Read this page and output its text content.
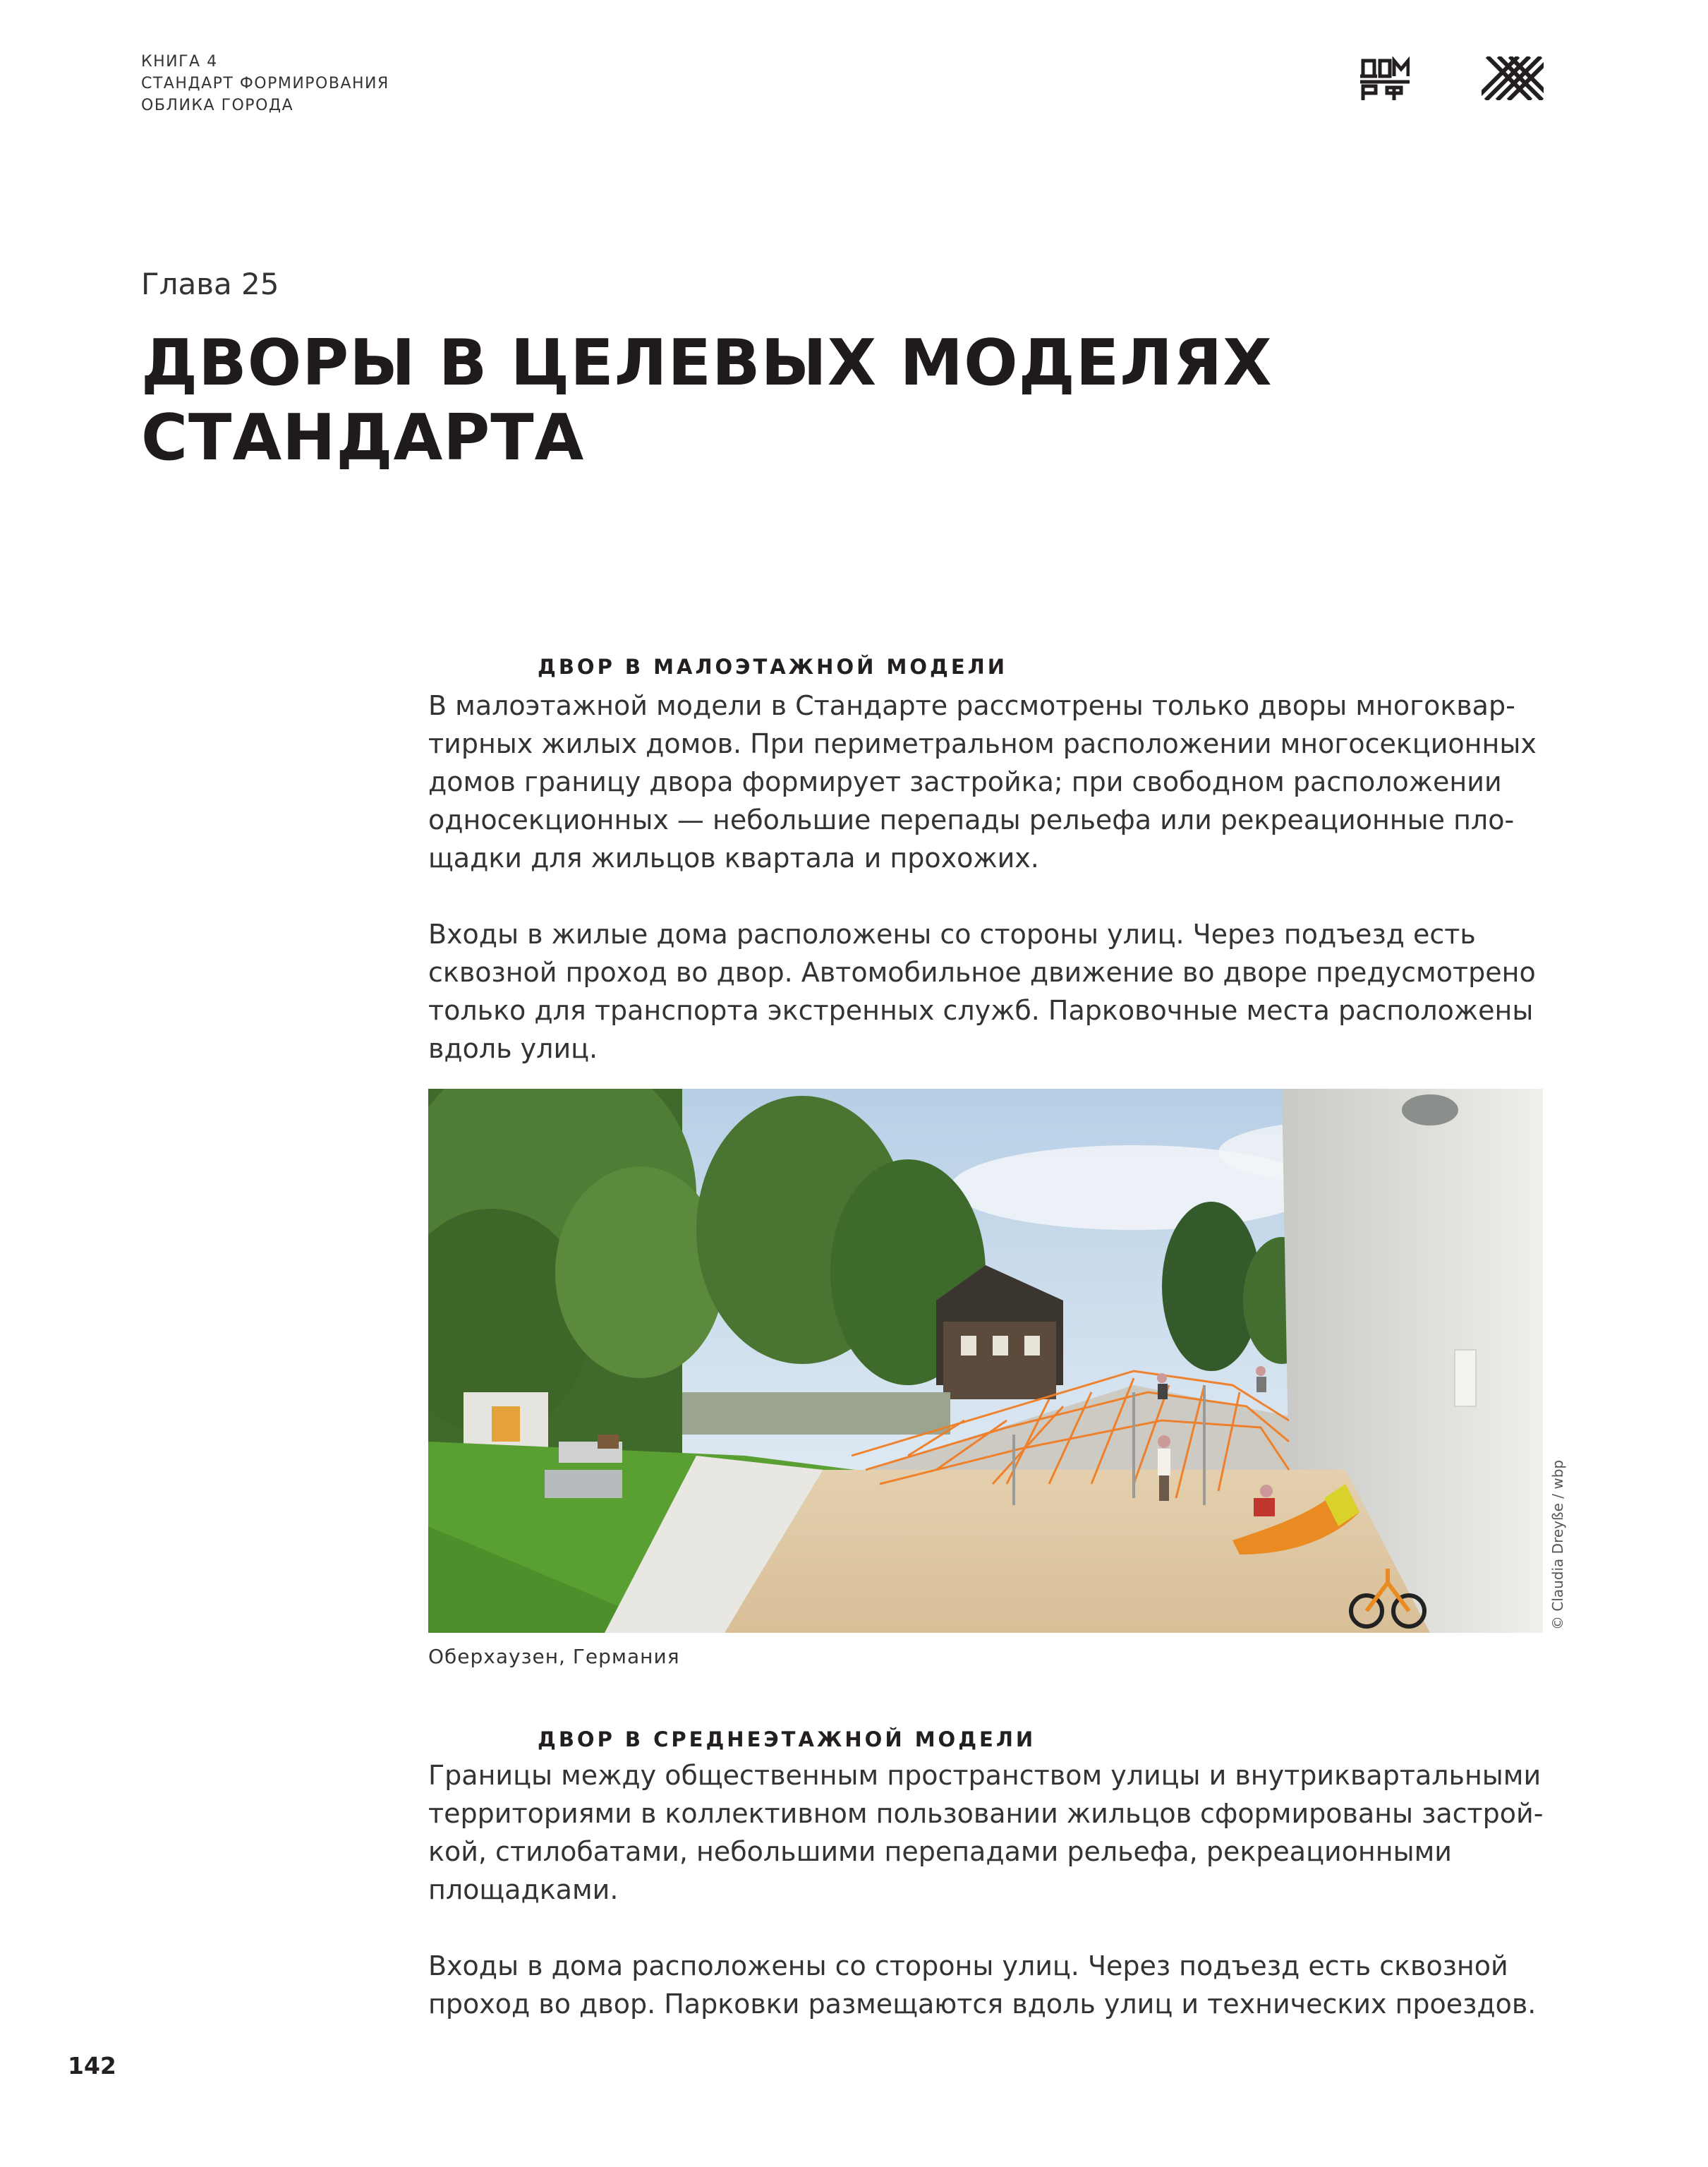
КНИГА 4
СТАНДАРТ ФОРМИРОВАНИЯ
ОБЛИКА ГОРОДА
Глава 25
ДВОРЫ В ЦЕЛЕВЫХ МОДЕЛЯХ
СТАНДАРТА
ДВОР В МАЛОЭТАЖНОЙ МОДЕЛИ
В малоэтажной модели в Стандарте рассмотрены только дворы многоквар-
тирных жилых домов. При периметральном расположении многосекционных
домов границу двора формирует застройка; при свободном расположении
односекционных — небольшие перепады рельефа или рекреационные пло-
щадки для жильцов квартала и прохожих.
Входы в жилые дома расположены со стороны улиц. Через подъезд есть
сквозной проход во двор. Автомобильное движение во дворе предусмотрено
только для транспорта экстренных служб. Парковочные места расположены
вдоль улиц.
© Claudia Dreyße / wbp
Оберхаузен, Германия
ДВОР В СРЕДНЕЭТАЖНОЙ МОДЕЛИ
Границы между общественным пространством улицы и внутриквартальными
территориями в коллективном пользовании жильцов сформированы застрой-
кой, стилобатами, небольшими перепадами рельефа, рекреационными
площадками.
Входы в дома расположены со стороны улиц. Через подъезд есть сквозной
проход во двор. Парковки размещаются вдоль улиц и технических проездов.
142
